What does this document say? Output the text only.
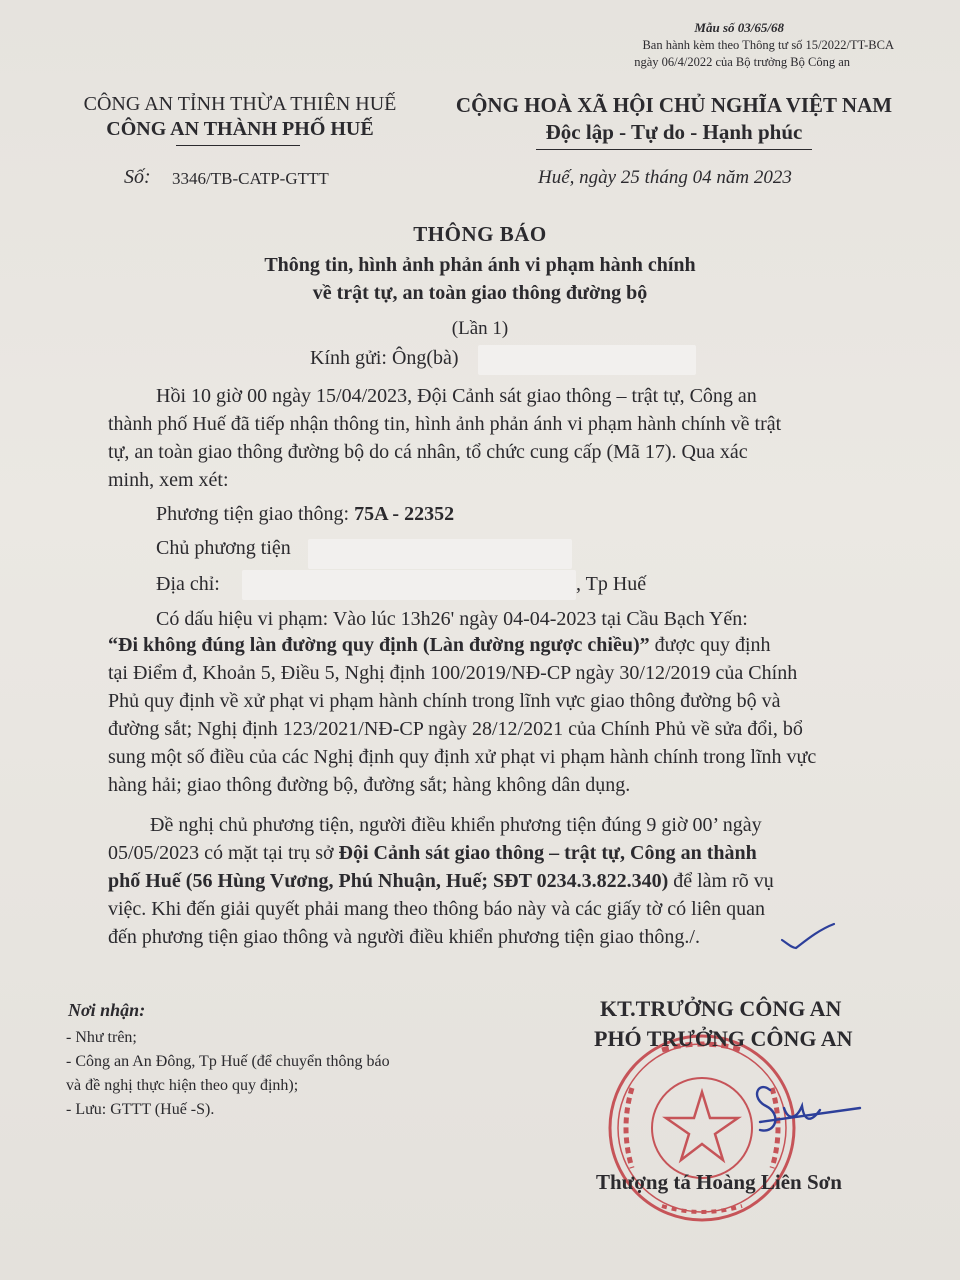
Mẫu số 03/65/68
Ban hành kèm theo Thông tư số 15/2022/TT-BCA
ngày 06/4/2022 của Bộ trưởng Bộ Công an
CÔNG AN TỈNH THỪA THIÊN HUẾ
CÔNG AN THÀNH PHỐ HUẾ
CỘNG HOÀ XÃ HỘI CHỦ NGHĨA VIỆT NAM
Độc lập - Tự do - Hạnh phúc
Số: 3346/TB-CATP-GTTT	Huế, ngày 25 tháng 04 năm 2023
THÔNG BÁO
Thông tin, hình ảnh phản ánh vi phạm hành chính
về trật tự, an toàn giao thông đường bộ
(Lần 1)
Kính gửi: Ông(bà)
Hồi 10 giờ 00 ngày 15/04/2023, Đội Cảnh sát giao thông – trật tự, Công an
thành phố Huế đã tiếp nhận thông tin, hình ảnh phản ánh vi phạm hành chính về trật
tự, an toàn giao thông đường bộ do cá nhân, tổ chức cung cấp (Mã 17). Qua xác
minh, xem xét:
Phương tiện giao thông: 75A - 22352
Chủ phương tiện
Địa chỉ:	, Tp Huế
Có dấu hiệu vi phạm: Vào lúc 13h26' ngày 04-04-2023 tại Cầu Bạch Yến:
“Đi không đúng làn đường quy định (Làn đường ngược chiều)” được quy định
tại Điểm đ, Khoản 5, Điều 5, Nghị định 100/2019/NĐ-CP ngày 30/12/2019 của Chính
Phủ quy định về xử phạt vi phạm hành chính trong lĩnh vực giao thông đường bộ và
đường sắt; Nghị định 123/2021/NĐ-CP ngày 28/12/2021 của Chính Phủ về sửa đổi, bổ
sung một số điều của các Nghị định quy định xử phạt vi phạm hành chính trong lĩnh vực
hàng hải; giao thông đường bộ, đường sắt; hàng không dân dụng.
Đề nghị chủ phương tiện, người điều khiển phương tiện đúng 9 giờ 00’ ngày
05/05/2023 có mặt tại trụ sở Đội Cảnh sát giao thông – trật tự, Công an thành
phố Huế (56 Hùng Vương, Phú Nhuận, Huế; SĐT 0234.3.822.340) để làm rõ vụ
việc. Khi đến giải quyết phải mang theo thông báo này và các giấy tờ có liên quan
đến phương tiện giao thông và người điều khiển phương tiện giao thông./.
Nơi nhận:
- Như trên;
- Công an An Đông, Tp Huế (để chuyển thông báo
và đề nghị thực hiện theo quy định);
- Lưu: GTTT (Huế -S).
KT.TRƯỞNG CÔNG AN
PHÓ TRƯỞNG CÔNG AN
Thượng tá Hoàng Liên Sơn
